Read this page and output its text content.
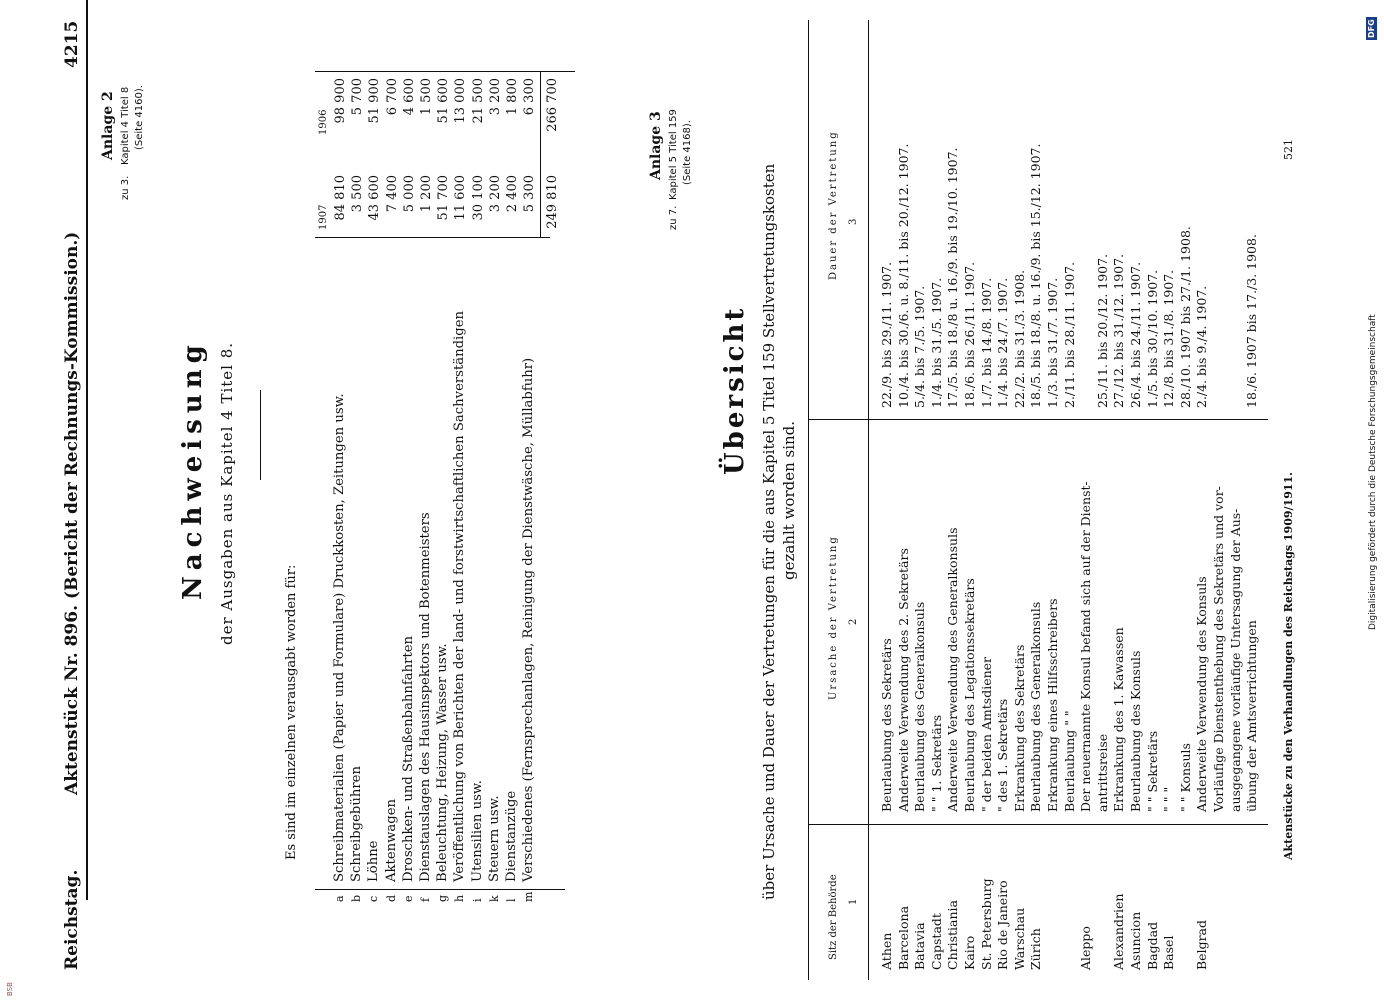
Reichstag.
Aktenstück Nr. 896. (Bericht der Rechnungs-Kommission.)
4215
Anlage 2
zu 3.
Kapitel 4 Titel 8 (Seite 4160).
Nachweisung der Ausgaben aus Kapitel 4 Titel 8.
Es sind im einzelnen verausgabt worden für:
a
Schreibmaterialien (Papier und Formulare) Druckkosten, Zeitungen usw.
84 810
98 900
b
Schreibgebühren
3 500
5 700
c
Löhne
43 600
51 900
d
Aktenwagen
7 400
6 700
e
Droschken- und Straßenbahnfahrten
5 000
4 600
f
Dienstauslagen des Hausinspektors und Botenmeisters
1 200
1 500
g
Beleuchtung, Heizung, Wasser usw.
51 700
51 600
h
Veröffentlichung von Berichten der land- und forstwirtschaftlichen Sachverständigen
11 600
13 000
i
Utensilien usw.
30 100
21 500
k
Steuern usw.
3 200
3 200
l
Dienstanzüge
2 400
1 800
m
Verschiedenes (Fernsprechanlagen, Reinigung der Dienstwäsche, Müllabfuhr)
5 300
6 300
1907
1906
249 810
266 700
Anlage 3
zu 7.
Kapitel 5 Titel 159 (Seite 4168).
Übersicht über Ursache und Dauer der Vertretungen für die aus Kapitel 5 Titel 159 Stellvertretungskosten gezahlt worden sind.
Sitz der Behörde 1
Ursache der Vertretung 2
Dauer der Vertretung 3
Athen
Beurlaubung des Sekretärs
22./9. bis 29./11. 1907.
Barcelona
Anderweite Verwendung des 2. Sekretärs
10./4. bis 30./6. u. 8./11. bis 20./12. 1907.
Batavia
Beurlaubung des Generalkonsuls
5./4. bis 7./5. 1907.
Capstadt
" " 1. Sekretärs
1./4. bis 31./5. 1907.
Christiania
Anderweite Verwendung des Generalkonsuls
17./5. bis 18./8 u. 16./9. bis 19./10. 1907.
Kairo
Beurlaubung des Legationssekretärs
18./6. bis 26./11. 1907.
St. Petersburg
" der beiden Amtsdiener
1./7. bis 14./8. 1907.
Rio de Janeiro
" des 1. Sekretärs
1./4. bis 24./7. 1907.
Warschau
Erkrankung des Sekretärs
22./2. bis 31./3. 1908.
Zürich
Beurlaubung des Generalkonsuls
18./5. bis 18./8. u. 16./9. bis 15./12. 1907.
Erkrankung eines Hilfsschreibers
1./3. bis 31./7. 1907.
Beurlaubung " "
2./11. bis 28./11. 1907.
Aleppo
Der neuernannte Konsul befand sich auf der Dienst- antrittsreise
25./11. bis 20./12. 1907.
Alexandrien
Erkrankung des 1. Kawassen
27./12. bis 31./12. 1907.
Asuncion
Beurlaubung des Konsuls
26./4. bis 24./11. 1907.
Bagdad
" " Sekretärs
1./5. bis 30./10. 1907.
Basel
" " "
12./8. bis 31./8. 1907.
" " Konsuls
28./10. 1907 bis 27./1. 1908.
Belgrad
Anderweite Verwendung des Konsuls
2./4. bis 9./4. 1907.
Vorläufige Dienstenthebung des Sekretärs und vor- ausgegangene vorläufige Untersagung der Aus- übung der Amtsverrichtungen
18./6. 1907 bis 17./3. 1908.
Aktenstücke zu den Verhandlungen des Reichstags 1909/1911.
521
Digitalisierung gefördert durch die Deutsche Forschungsgemeinschaft
DFG
BSB
